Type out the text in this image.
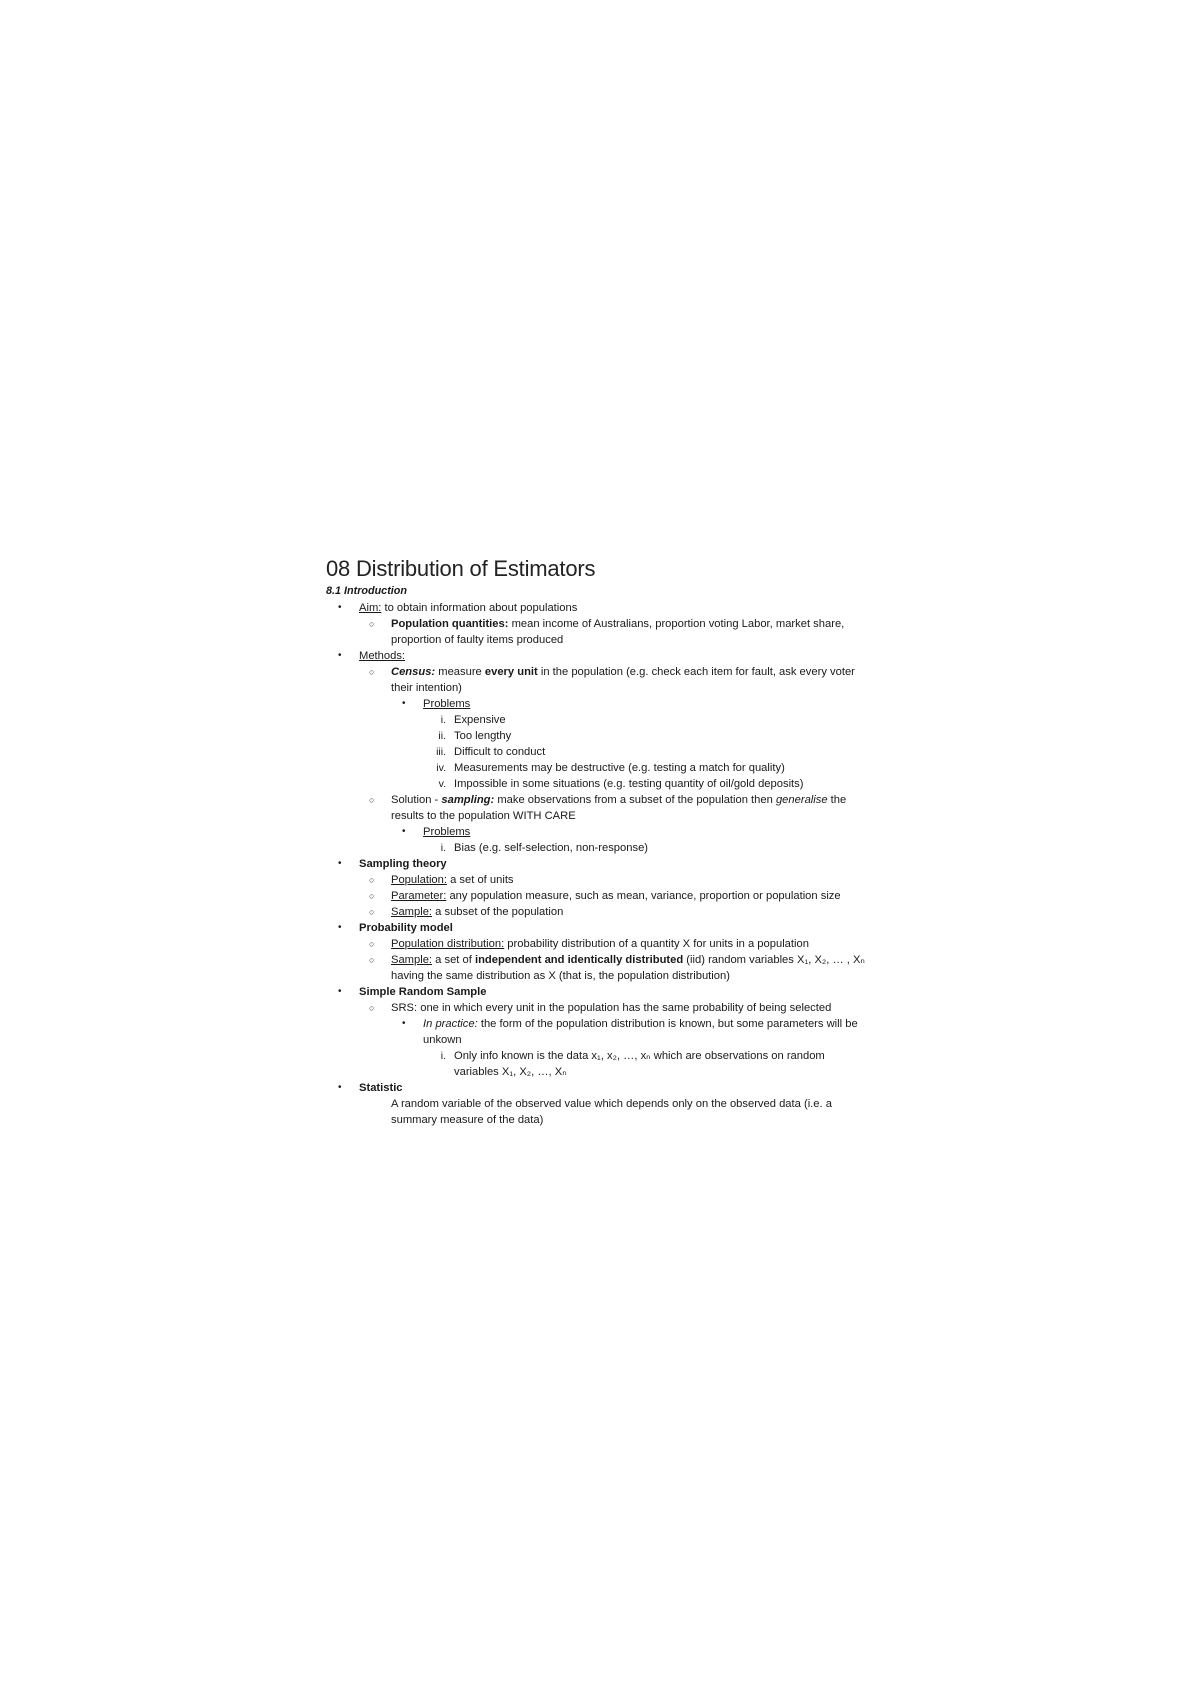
08 Distribution of Estimators
8.1 Introduction
• Aim: to obtain information about populations
○ Population quantities: mean income of Australians, proportion voting Labor, market share, proportion of faulty items produced
• Methods:
○ Census: measure every unit in the population (e.g. check each item for fault, ask every voter their intention)
• Problems
i. Expensive
ii. Too lengthy
iii. Difficult to conduct
iv. Measurements may be destructive (e.g. testing a match for quality)
v. Impossible in some situations (e.g. testing quantity of oil/gold deposits)
○ Solution - sampling: make observations from a subset of the population then generalise the results to the population WITH CARE
• Problems
i. Bias (e.g. self-selection, non-response)
• Sampling theory
○ Population: a set of units
○ Parameter: any population measure, such as mean, variance, proportion or population size
○ Sample: a subset of the population
• Probability model
○ Population distribution: probability distribution of a quantity X for units in a population
○ Sample: a set of independent and identically distributed (iid) random variables X₁, X₂, … , Xₙ having the same distribution as X (that is, the population distribution)
• Simple Random Sample
○ SRS: one in which every unit in the population has the same probability of being selected
• In practice: the form of the population distribution is known, but some parameters will be unkown
i. Only info known is the data x₁, x₂, …, xₙ which are observations on random variables X₁, X₂, …, Xₙ
• Statistic
A random variable of the observed value which depends only on the observed data (i.e. a summary measure of the data)
